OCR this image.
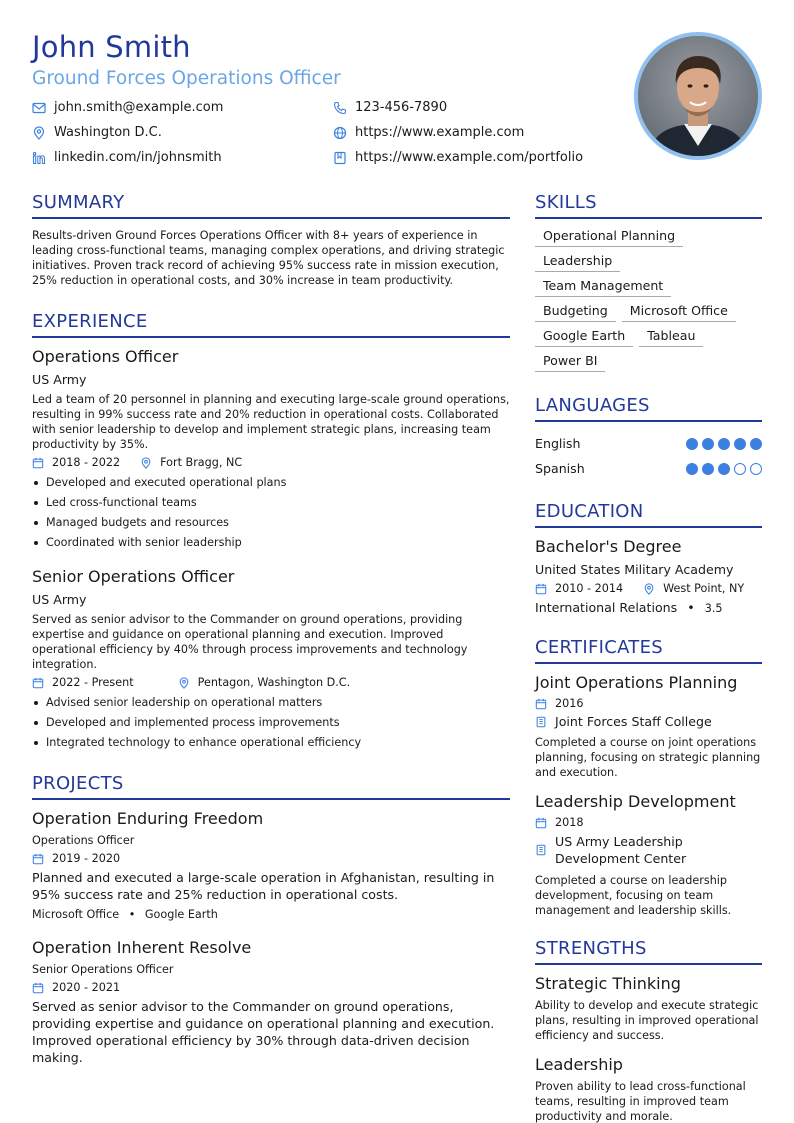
John Smith
Ground Forces Operations Officer
john.smith@example.com	123-456-7890
Washington D.C.	https://www.example.com
linkedin.com/in/johnsmith	https://www.example.com/portfolio
SUMMARY
Results-driven Ground Forces Operations Officer with 8+ years of experience in leading cross-functional teams, managing complex operations, and driving strategic initiatives. Proven track record of achieving 95% success rate in mission execution, 25% reduction in operational costs, and 30% increase in team productivity.
EXPERIENCE
Operations Officer
US Army
Led a team of 20 personnel in planning and executing large-scale ground operations, resulting in 99% success rate and 20% reduction in operational costs. Collaborated with senior leadership to develop and implement strategic plans, increasing team productivity by 35%.
2018 - 2022	Fort Bragg, NC
Developed and executed operational plans
Led cross-functional teams
Managed budgets and resources
Coordinated with senior leadership
Senior Operations Officer
US Army
Served as senior advisor to the Commander on ground operations, providing expertise and guidance on operational planning and execution. Improved operational efficiency by 40% through process improvements and technology integration.
2022 - Present	Pentagon, Washington D.C.
Advised senior leadership on operational matters
Developed and implemented process improvements
Integrated technology to enhance operational efficiency
PROJECTS
Operation Enduring Freedom
Operations Officer
2019 - 2020
Planned and executed a large-scale operation in Afghanistan, resulting in 95% success rate and 25% reduction in operational costs.
Microsoft Office • Google Earth
Operation Inherent Resolve
Senior Operations Officer
2020 - 2021
Served as senior advisor to the Commander on ground operations, providing expertise and guidance on operational planning and execution. Improved operational efficiency by 30% through data-driven decision making.
SKILLS
Operational Planning
Leadership
Team Management
Budgeting	Microsoft Office
Google Earth	Tableau
Power BI
LANGUAGES
English
Spanish
EDUCATION
Bachelor's Degree
United States Military Academy
2010 - 2014	West Point, NY
International Relations • 3.5
CERTIFICATES
Joint Operations Planning
2016
Joint Forces Staff College
Completed a course on joint operations planning, focusing on strategic planning and execution.
Leadership Development
2018
US Army Leadership Development Center
Completed a course on leadership development, focusing on team management and leadership skills.
STRENGTHS
Strategic Thinking
Ability to develop and execute strategic plans, resulting in improved operational efficiency and success.
Leadership
Proven ability to lead cross-functional teams, resulting in improved team productivity and morale.
